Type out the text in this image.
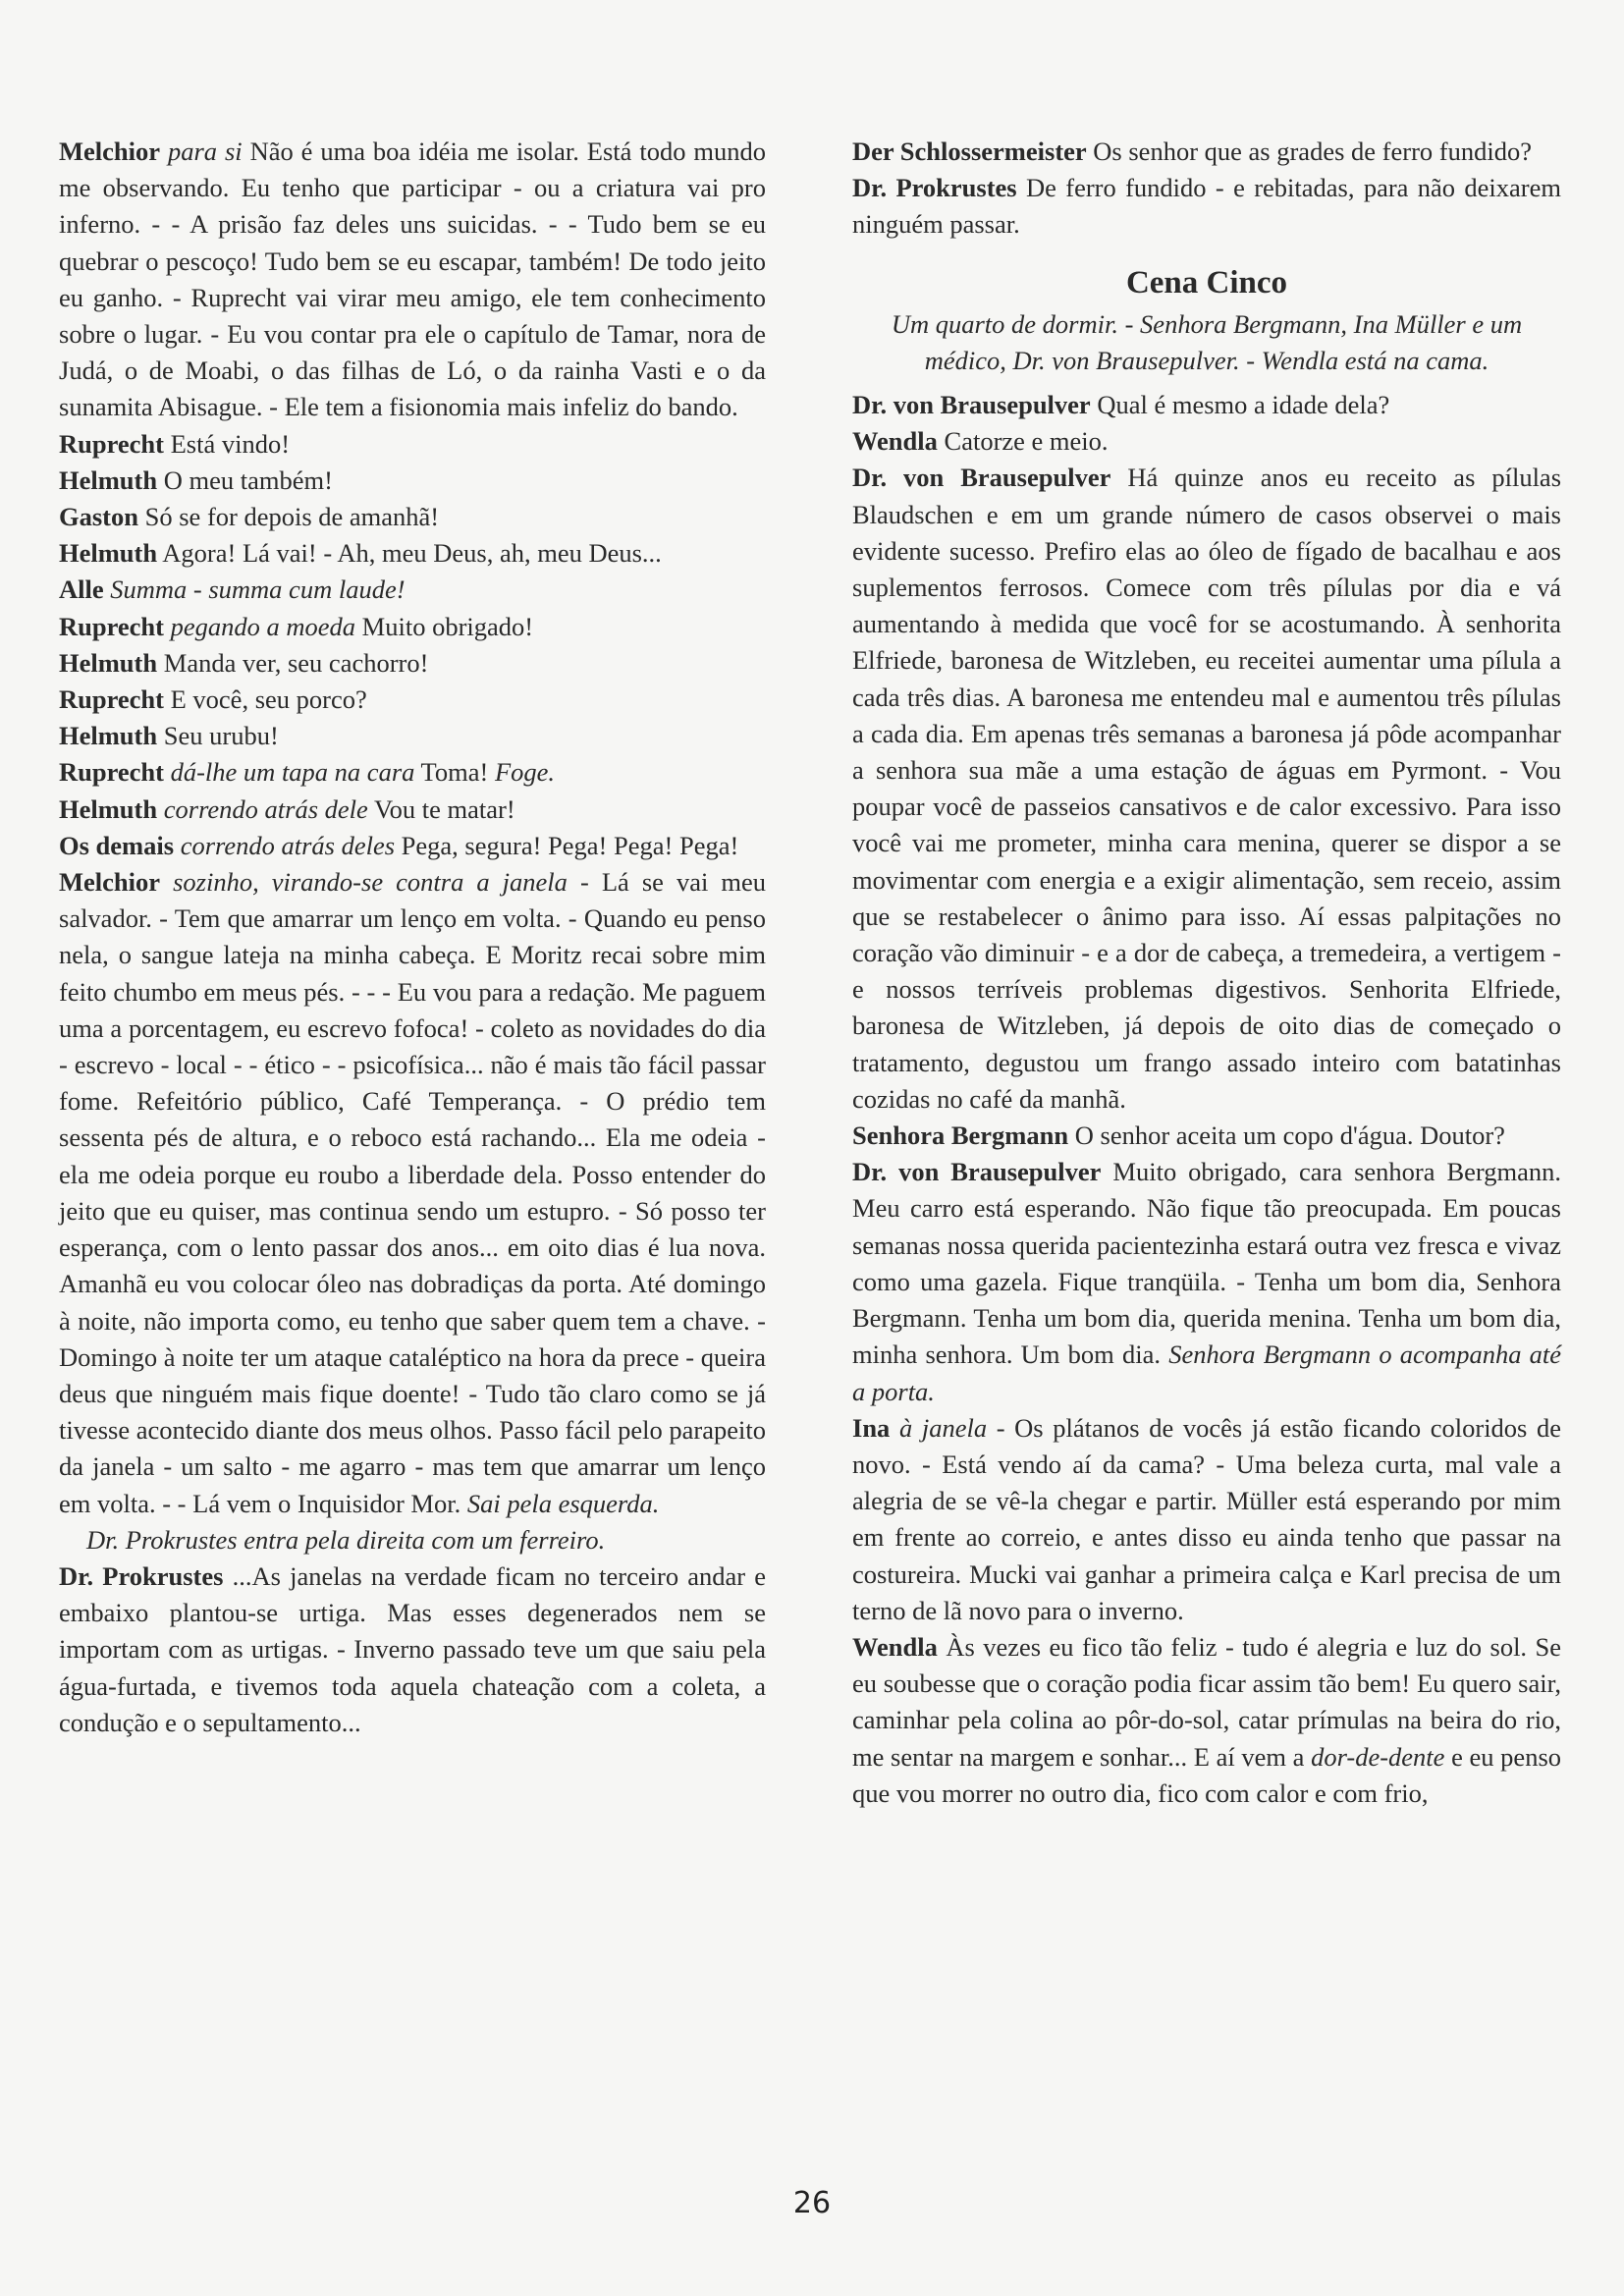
Melchior para si Não é uma boa idéia me isolar. Está todo mundo me observando. Eu tenho que participar - ou a criatura vai pro inferno. - - A prisão faz deles uns suicidas. - - Tudo bem se eu quebrar o pescoço! Tudo bem se eu escapar, também! De todo jeito eu ganho. - Ruprecht vai virar meu amigo, ele tem conhecimento sobre o lugar. - Eu vou contar pra ele o capítulo de Tamar, nora de Judá, o de Moabi, o das filhas de Ló, o da rainha Vasti e o da sunamita Abisague. - Ele tem a fisionomia mais infeliz do bando.

Ruprecht Está vindo!

Helmuth O meu também!

Gaston Só se for depois de amanhã!

Helmuth Agora! Lá vai! - Ah, meu Deus, ah, meu Deus...

Alle Summa - summa cum laude!

Ruprecht pegando a moeda Muito obrigado!

Helmuth Manda ver, seu cachorro!

Ruprecht E você, seu porco?

Helmuth Seu urubu!

Ruprecht dá-lhe um tapa na cara Toma! Foge.

Helmuth correndo atrás dele Vou te matar!

Os demais correndo atrás deles Pega, segura! Pega! Pega! Pega!

Melchior sozinho, virando-se contra a janela - Lá se vai meu salvador. - Tem que amarrar um lenço em volta. - Quando eu penso nela, o sangue lateja na minha cabeça. E Moritz recai sobre mim feito chumbo em meus pés. - - - Eu vou para a redação. Me paguem uma a porcentagem, eu escrevo fofoca! - coleto as novidades do dia - escrevo - local - - ético - - psicofísica... não é mais tão fácil passar fome. Refeitório público, Café Temperança. - O prédio tem sessenta pés de altura, e o reboco está rachando... Ela me odeia - ela me odeia porque eu roubo a liberdade dela. Posso entender do jeito que eu quiser, mas continua sendo um estupro. - Só posso ter esperança, com o lento passar dos anos... em oito dias é lua nova. Amanhã eu vou colocar óleo nas dobradiças da porta. Até domingo à noite, não importa como, eu tenho que saber quem tem a chave. - Domingo à noite ter um ataque cataléptico na hora da prece - queira deus que ninguém mais fique doente! - Tudo tão claro como se já tivesse acontecido diante dos meus olhos. Passo fácil pelo parapeito da janela - um salto - me agarro - mas tem que amarrar um lenço em volta. - - Lá vem o Inquisidor Mor. Sai pela esquerda.

Dr. Prokrustes entra pela direita com um ferreiro.

Dr. Prokrustes ...As janelas na verdade ficam no terceiro andar e embaixo plantou-se urtiga. Mas esses degenerados nem se importam com as urtigas. - Inverno passado teve um que saiu pela água-furtada, e tivemos toda aquela chateação com a coleta, a condução e o sepultamento...

Der Schlossermeister Os senhor que as grades de ferro fundido?

Dr. Prokrustes De ferro fundido - e rebitadas, para não deixarem ninguém passar.

Cena Cinco

Um quarto de dormir. - Senhora Bergmann, Ina Müller e um médico, Dr. von Brausepulver. - Wendla está na cama.

Dr. von Brausepulver Qual é mesmo a idade dela?

Wendla Catorze e meio.

Dr. von Brausepulver Há quinze anos eu receito as pílulas Blaudschen e em um grande número de casos observei o mais evidente sucesso. Prefiro elas ao óleo de fígado de bacalhau e aos suplementos ferrosos. Comece com três pílulas por dia e vá aumentando à medida que você for se acostumando. À senhorita Elfriede, baronesa de Witzleben, eu receitei aumentar uma pílula a cada três dias. A baronesa me entendeu mal e aumentou três pílulas a cada dia. Em apenas três semanas a baronesa já pôde acompanhar a senhora sua mãe a uma estação de águas em Pyrmont. - Vou poupar você de passeios cansativos e de calor excessivo. Para isso você vai me prometer, minha cara menina, querer se dispor a se movimentar com energia e a exigir alimentação, sem receio, assim que se restabelecer o ânimo para isso. Aí essas palpitações no coração vão diminuir - e a dor de cabeça, a tremedeira, a vertigem - e nossos terríveis problemas digestivos. Senhorita Elfriede, baronesa de Witzleben, já depois de oito dias de começado o tratamento, degustou um frango assado inteiro com batatinhas cozidas no café da manhã.

Senhora Bergmann O senhor aceita um copo d'água. Doutor?

Dr. von Brausepulver Muito obrigado, cara senhora Bergmann. Meu carro está esperando. Não fique tão preocupada. Em poucas semanas nossa querida pacientezinha estará outra vez fresca e vivaz como uma gazela. Fique tranqüila. - Tenha um bom dia, Senhora Bergmann. Tenha um bom dia, querida menina. Tenha um bom dia, minha senhora. Um bom dia. Senhora Bergmann o acompanha até a porta.

Ina à janela - Os plátanos de vocês já estão ficando coloridos de novo. - Está vendo aí da cama? - Uma beleza curta, mal vale a alegria de se vê-la chegar e partir. Müller está esperando por mim em frente ao correio, e antes disso eu ainda tenho que passar na costureira. Mucki vai ganhar a primeira calça e Karl precisa de um terno de lã novo para o inverno.

Wendla Às vezes eu fico tão feliz - tudo é alegria e luz do sol. Se eu soubesse que o coração podia ficar assim tão bem! Eu quero sair, caminhar pela colina ao pôr-do-sol, catar prímulas na beira do rio, me sentar na margem e sonhar... E aí vem a dor-de-dente e eu penso que vou morrer no outro dia, fico com calor e com frio,

26
